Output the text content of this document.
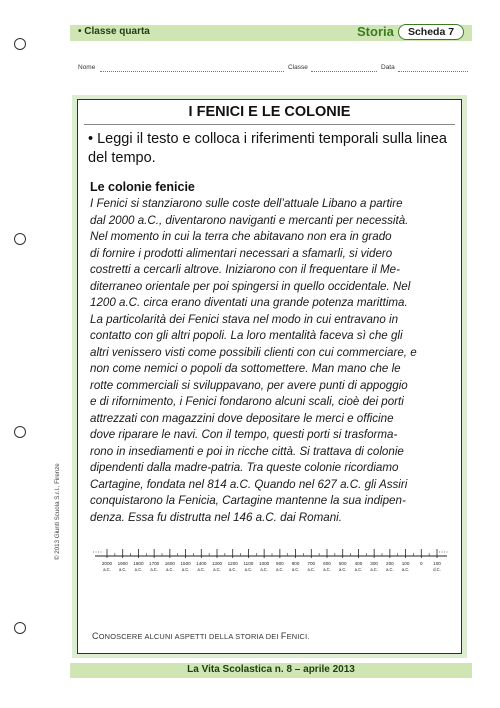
• Classe quarta	Storia	Scheda 7
Nome	Classe	Data
I FENICI E LE COLONIE
• Leggi il testo e colloca i riferimenti temporali sulla linea del tempo.
Le colonie fenicie

I Fenici si stanziarono sulle coste dell’attuale Libano a partire
dal 2000 a.C., diventarono naviganti e mercanti per necessità.
Nel momento in cui la terra che abitavano non era in grado
di fornire i prodotti alimentari necessari a sfamarli, si videro
costretti a cercarli altrove. Iniziarono con il frequentare il Me-
diterraneo orientale per poi spingersi in quello occidentale. Nel
1200 a.C. circa erano diventati una grande potenza marittima.
La particolarità dei Fenici stava nel modo in cui entravano in
contatto con gli altri popoli. La loro mentalità faceva sì che gli
altri venissero visti come possibili clienti con cui commerciare, e
non come nemici o popoli da sottomettere. Man mano che le
rotte commerciali si sviluppavano, per avere punti di appoggio
e di rifornimento, i Fenici fondarono alcuni scali, cioè dei porti
attrezzati con magazzini dove depositare le merci e officine
dove riparare le navi. Con il tempo, questi porti si trasforma-
rono in insediamenti e poi in ricche città. Si trattava di colonie
dipendenti dalla madre-patria. Tra queste colonie ricordiamo
Cartagine, fondata nel 814 a.C. Quando nel 627 a.C. gli Assiri
conquistarono la Fenicia, Cartagine mantenne la sua indipen-
denza. Essa fu distrutta nel 146 a.C. dai Romani.

2000
a.C.
1900
a.C.
1800
a.C.
1700
a.C.
1600
a.C.
1500
a.C.
1400
a.C.
1300
a.C.
1200
a.C.
1100
a.C.
1000
a.C.
900
a.C.
800
a.C.
700
a.C.
600
a.C.
500
a.C.
400
a.C.
300
a.C.
200
a.C.
100
a.C.
0 100
d.C.
CONOSCERE ALCUNI ASPETTI DELLA STORIA DEI FENICI.
© 2013 Giunti Scuola S.r.l., Firenze
La Vita Scolastica n. 8 – aprile 2013
